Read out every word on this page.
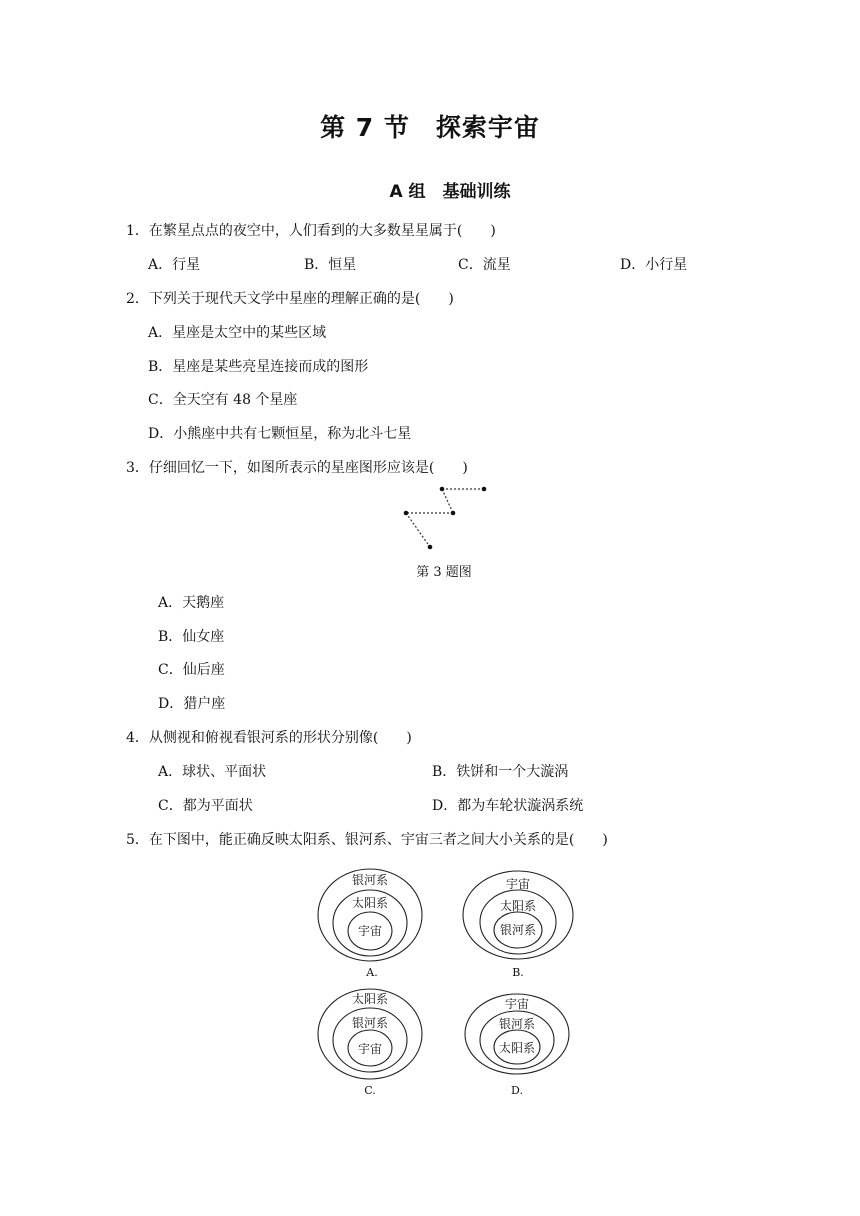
第 7 节　探索宇宙
A 组　基础训练
1．在繁星点点的夜空中，人们看到的大多数星星属于(　　)
A．行星	B．恒星	C．流星	D．小行星
2．下列关于现代天文学中星座的理解正确的是(　　)
A．星座是太空中的某些区域
B．星座是某些亮星连接而成的图形
C．全天空有 48 个星座
D．小熊座中共有七颗恒星，称为北斗七星
3．仔细回忆一下，如图所表示的星座图形应该是(　　)
第 3 题图
A．天鹅座
B．仙女座
C．仙后座
D．猎户座
4．从侧视和俯视看银河系的形状分别像(　　)
A．球状、平面状	B．铁饼和一个大漩涡
C．都为平面状	D．都为车轮状漩涡系统
5．在下图中，能正确反映太阳系、银河系、宇宙三者之间大小关系的是(　　)
银河系
太阳系
宇宙
A.
宇宙
太阳系
银河系
B.
太阳系
银河系
宇宙
C.
宇宙
银河系
太阳系
D.
